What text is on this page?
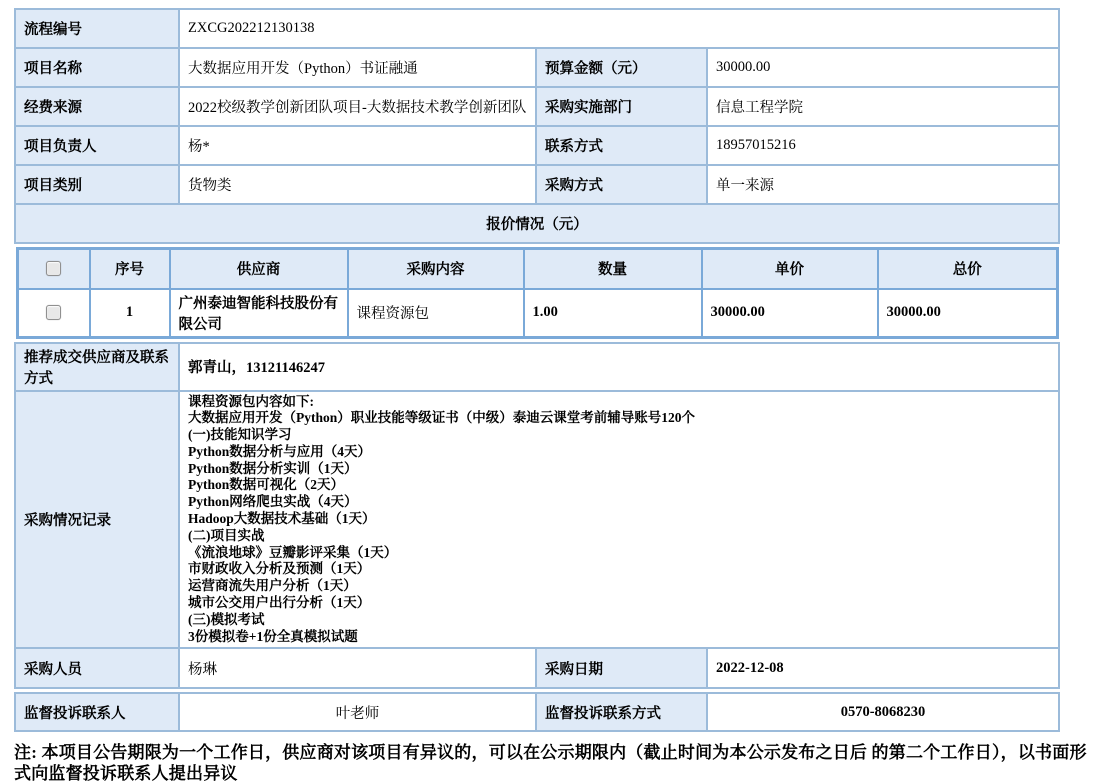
流程编号	ZXCG202212130138		
项目名称	大数据应用开发（Python）书证融通	预算金额（元）	30000.00
经费来源	2022校级教学创新团队项目-大数据技术教学创新团队	采购实施部门	信息工程学院
项目负责人	杨*	联系方式	18957015216
项目类别	货物类	采购方式	单一来源
报价情况（元）			
	序号	供应商	采购内容	数量	单价	总价
	1	广州泰迪智能科技股份有限公司	课程资源包	1.00	30000.00	30000.00
推荐成交供应商及联系方式	郭青山，13121146247		
采购情况记录	
课程资源包内容如下:
大数据应用开发（Python）职业技能等级证书（中级）泰迪云课堂考前辅导账号120个
(一)技能知识学习
Python数据分析与应用（4天）
Python数据分析实训（1天）
Python数据可视化（2天）
Python网络爬虫实战（4天）
Hadoop大数据技术基础（1天）
(二)项目实战
《流浪地球》豆瓣影评采集（1天）
市财政收入分析及预测（1天）
运营商流失用户分析（1天）
城市公交用户出行分析（1天）
(三)模拟考试
3份模拟卷+1份全真模拟试题

采购人员	杨琳	采购日期	2022-12-08
监督投诉联系人	叶老师	监督投诉联系方式	0570-8068230
注: 本项目公告期限为一个工作日，供应商对该项目有异议的，可以在公示期限内（截止时间为本公示发布之日后 的第二个工作日），以书面形式向监督投诉联系人提出异议
